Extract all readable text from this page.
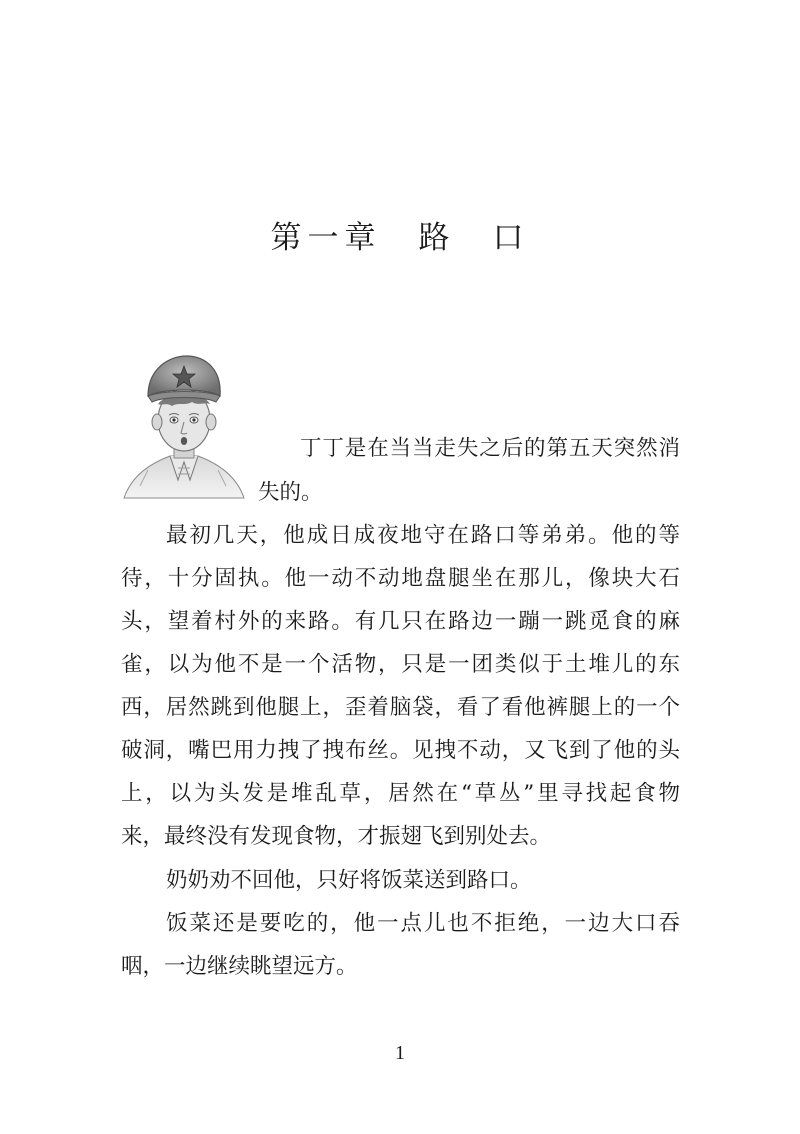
第一章　路　口
丁丁是在当当走失之后的第五天突然消
失的。
最初几天，他成日成夜地守在路口等弟弟。他的等
待，十分固执。他一动不动地盘腿坐在那儿，像块大石
头，望着村外的来路。有几只在路边一蹦一跳觅食的麻
雀，以为他不是一个活物，只是一团类似于土堆儿的东
西，居然跳到他腿上，歪着脑袋，看了看他裤腿上的一个
破洞，嘴巴用力拽了拽布丝。见拽不动，又飞到了他的头
上，以为头发是堆乱草，居然在“草丛”里寻找起食物
来，最终没有发现食物，才振翅飞到别处去。
奶奶劝不回他，只好将饭菜送到路口。
饭菜还是要吃的，他一点儿也不拒绝，一边大口吞
咽，一边继续眺望远方。
1
